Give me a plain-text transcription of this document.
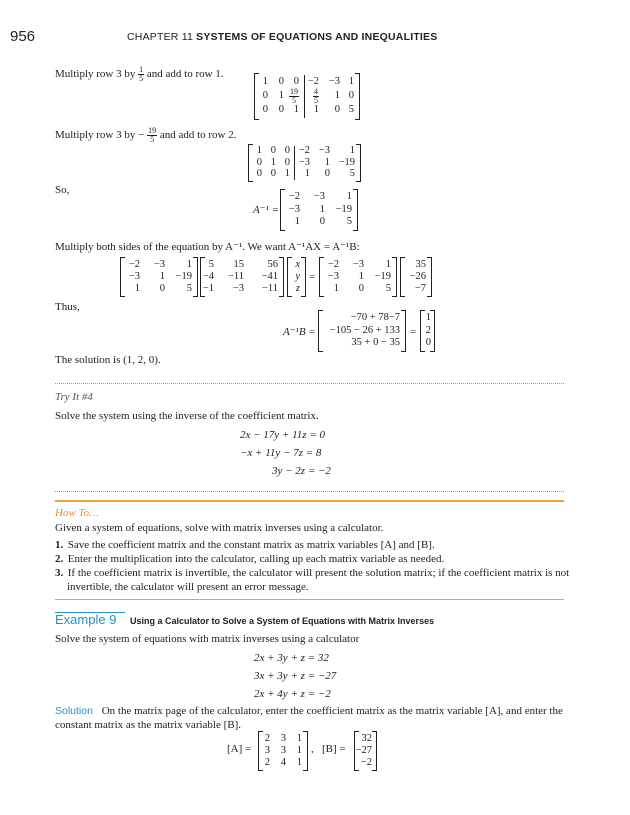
956	CHAPTER 11 SYSTEMS OF EQUATIONS AND INEQUALITIES
Multiply row 3 by $\frac{1}{5}$ and add to row 1.
1 0 0 −2 −3 1
0 $1 \frac{19}{5} \frac{4}{5} 1$ 0
0 0 1 1 0 5
Multiply row 3 by − $\frac{19}{5}$ and add to row 2.
1 0 0 −2 −3 1
0 1 0 −3 1 −19
0 0 1 1 0 5
So,
A⁻¹ =
−2 −3 1
−3 1 −19
1 0 5
Multiply both sides of the equation by A⁻¹. We want A⁻¹AX = A⁻¹B:
−2 −3 1
−3 1 −19
1 0 5
5 15 56
−4 −11 −41
−1 −3 −11
x
y
z
=
−2 −3 1
−3 1 −19
1 0 5
35
−26
−7
Thus,
A⁻¹B =
−70 + 78−7
−105 − 26 + 133
35 + 0 − 35
=
1
2
0
The solution is (1, 2, 0).
Try It #4
Solve the system using the inverse of the coefficient matrix.
2x − 17y + 11z = 0
−x + 11y − 7z = 8
3y − 2z = −2
How To…
Given a system of equations, solve with matrix inverses using a calculator.
1. Save the coefficient matrix and the constant matrix as matrix variables [A] and [B].
2. Enter the multiplication into the calculator, calling up each matrix variable as needed.
3. If the coefficient matrix is invertible, the calculator will present the solution matrix; if the coefficient matrix is not
invertible, the calculator will present an error message.
Example 9 Using a Calculator to Solve a System of Equations with Matrix Inverses
Solve the system of equations with matrix inverses using a calculator
2x + 3y + z = 32
3x + 3y + z = −27
2x + 4y + z = −2
Solution On the matrix page of the calculator, enter the coefficient matrix as the matrix variable [A], and enter the
constant matrix as the matrix variable [B].
[A] =
2 3 1
3 3 1
2 4 1
, [B] =
32
−27
−2
